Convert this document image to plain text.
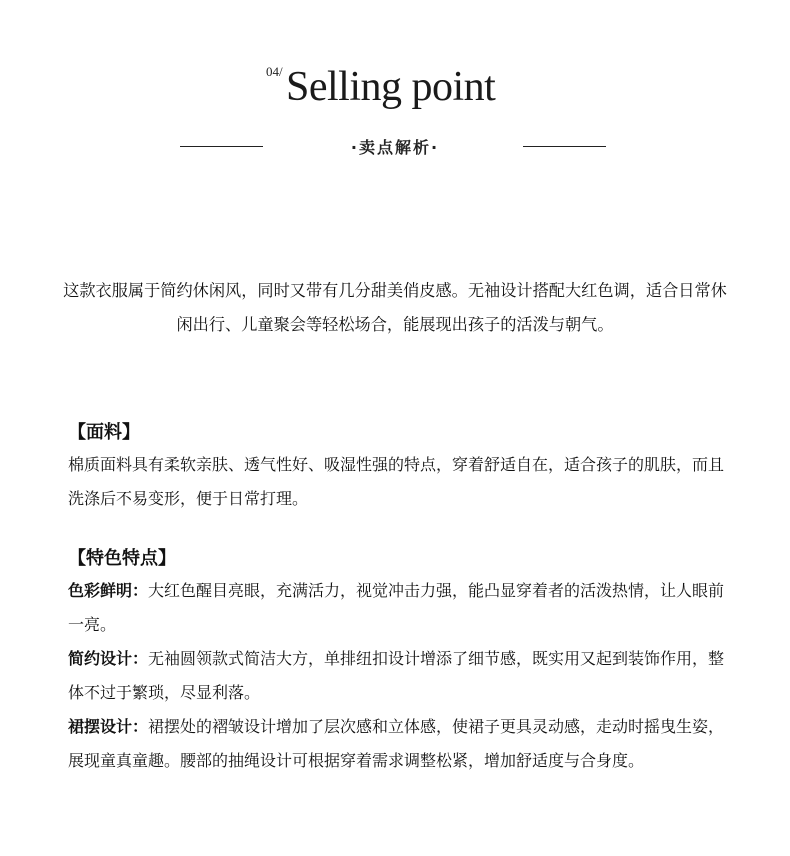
04/ Selling point
·卖点解析·

这款衣服属于简约休闲风，同时又带有几分甜美俏皮感。无袖设计搭配大红色调，适合日常休闲出行、儿童聚会等轻松场合，能展现出孩子的活泼与朝气。

【面料】

棉质面料具有柔软亲肤、透气性好、吸湿性强的特点，穿着舒适自在，适合孩子的肌肤，而且洗涤后不易变形，便于日常打理。

【特色特点】

色彩鲜明：大红色醒目亮眼，充满活力，视觉冲击力强，能凸显穿着者的活泼热情，让人眼前一亮。

简约设计：无袖圆领款式简洁大方，单排纽扣设计增添了细节感，既实用又起到装饰作用，整体不过于繁琐，尽显利落。

裙摆设计：裙摆处的褶皱设计增加了层次感和立体感，使裙子更具灵动感，走动时摇曳生姿，展现童真童趣。腰部的抽绳设计可根据穿着需求调整松紧，增加舒适度与合身度。
